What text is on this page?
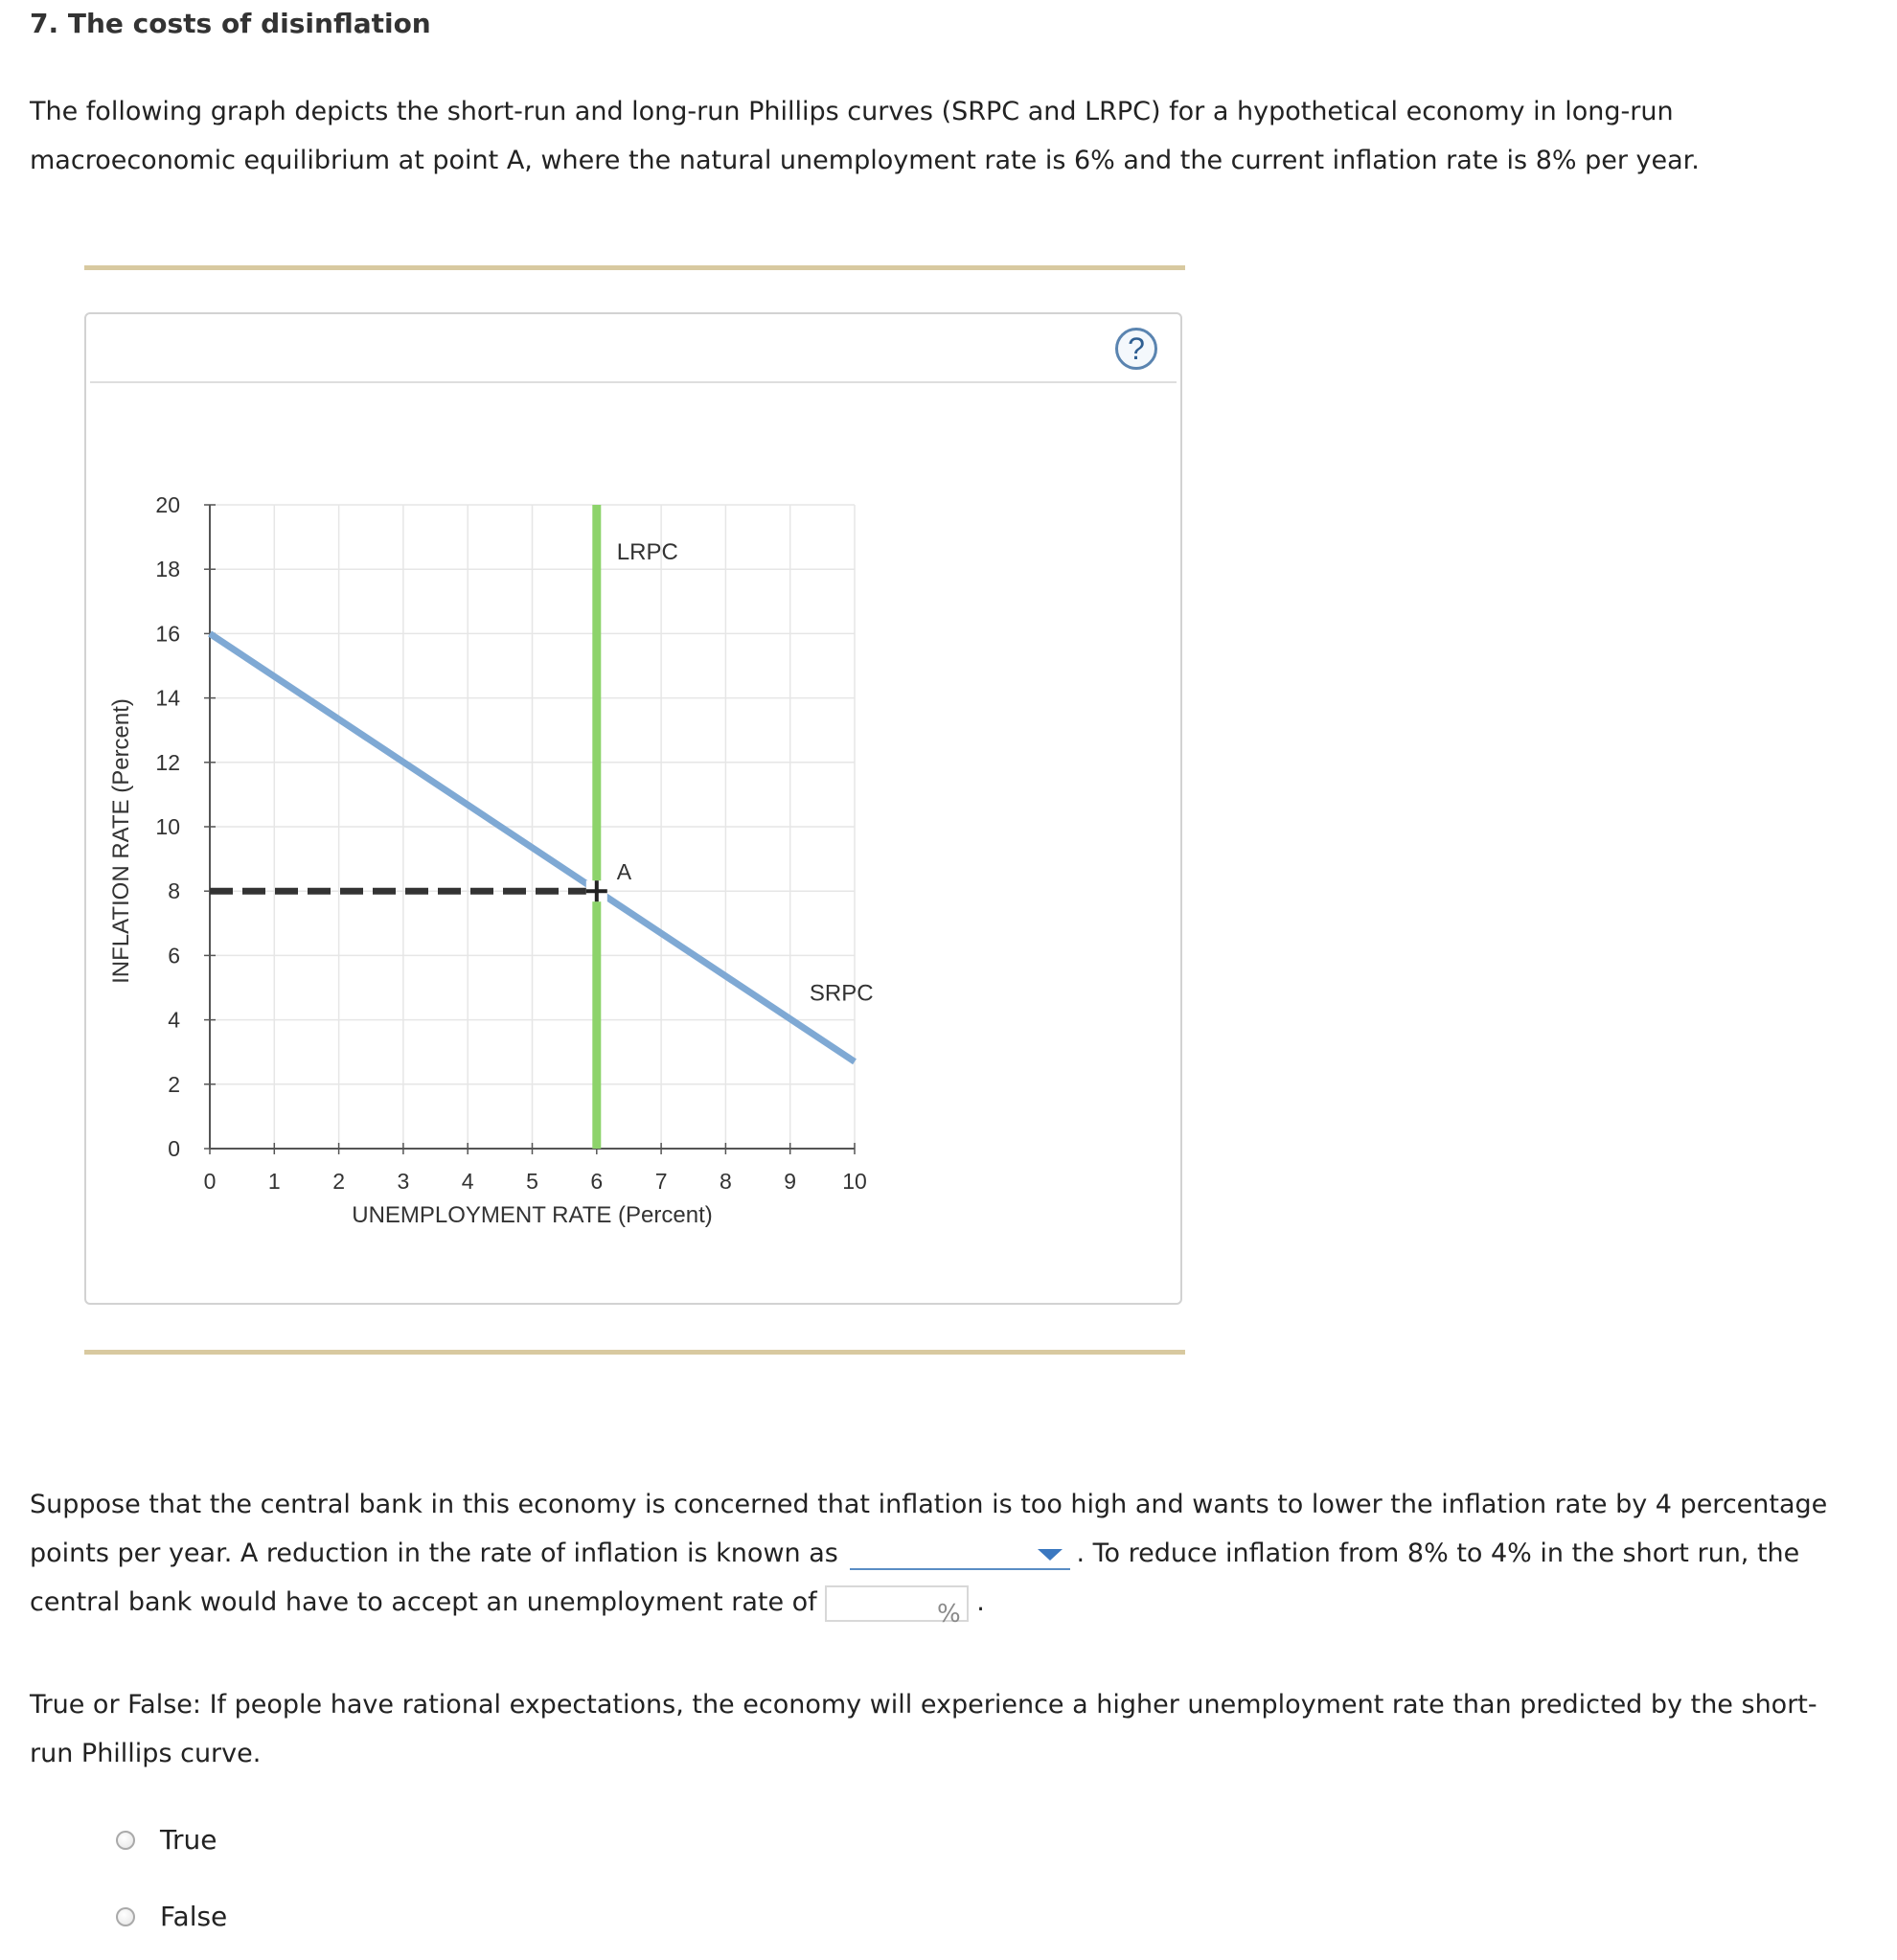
7. The costs of disinflation
The following graph depicts the short-run and long-run Phillips curves (SRPC and LRPC) for a hypothetical economy in long-run macroeconomic equilibrium at point A, where the natural unemployment rate is 6% and the current inflation rate is 8% per year.
?
0 1 2 3 4 5 6 7 8 9 10
0
2
4
6
8
10
12
14
16
18
20
UNEMPLOYMENT RATE (Percent)
INFLATION RATE (Percent)	A
LRPC
SRPC
Suppose that the central bank in this economy is concerned that inflation is too high and wants to lower the inflation rate by 4 percentage points per year. A reduction in the rate of inflation is known as	. To reduce inflation from 8% to 4% in the short run, the central bank would have to accept an unemployment rate of	% .
True or False: If people have rational expectations, the economy will experience a higher unemployment rate than predicted by the short-run Phillips curve.
True
False
